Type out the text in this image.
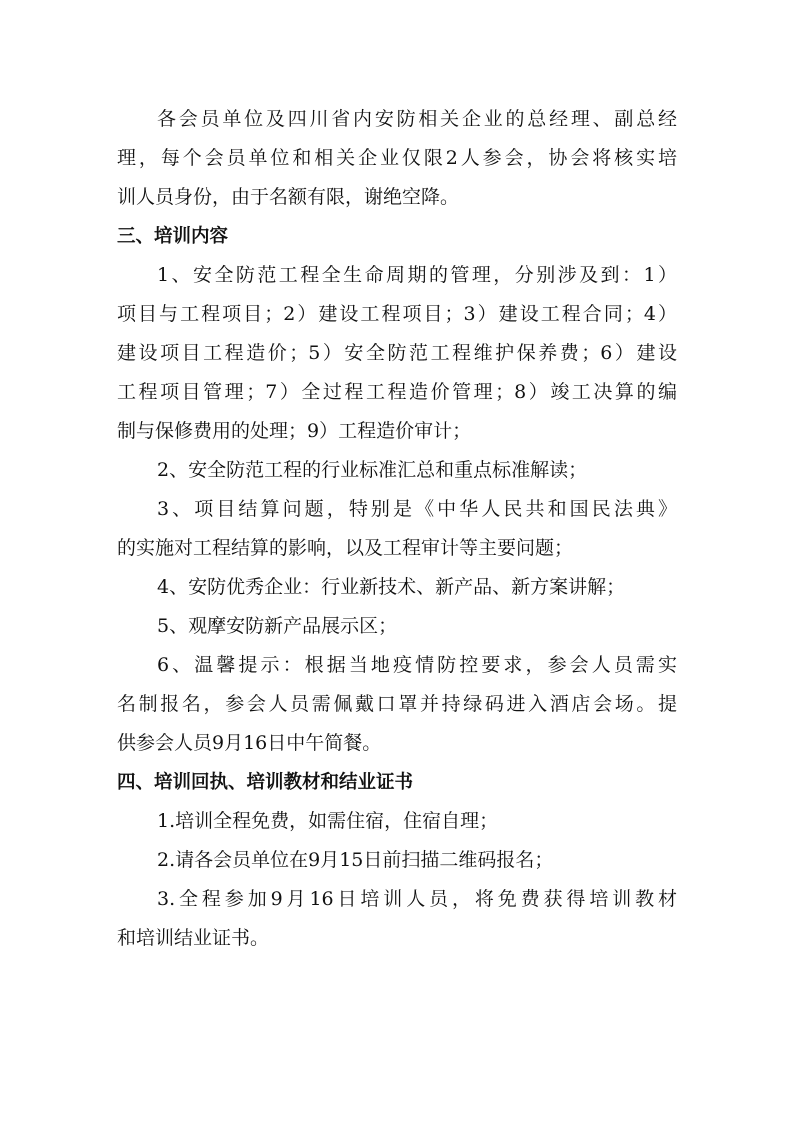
各会员单位及四川省内安防相关企业的总经理、副总经
理，每个会员单位和相关企业仅限2人参会，协会将核实培
训人员身份，由于名额有限，谢绝空降。
三、培训内容
1、安全防范工程全生命周期的管理，分别涉及到：1）
项目与工程项目；2）建设工程项目；3）建设工程合同；4）
建设项目工程造价；5）安全防范工程维护保养费；6）建设
工程项目管理；7）全过程工程造价管理；8）竣工决算的编
制与保修费用的处理；9）工程造价审计；
2、安全防范工程的行业标准汇总和重点标准解读；
3、项目结算问题，特别是《中华人民共和国民法典》
的实施对工程结算的影响，以及工程审计等主要问题；
4、安防优秀企业：行业新技术、新产品、新方案讲解；
5、观摩安防新产品展示区；
6、温馨提示：根据当地疫情防控要求，参会人员需实
名制报名，参会人员需佩戴口罩并持绿码进入酒店会场。提
供参会人员9月16日中午简餐。
四、培训回执、培训教材和结业证书
1.培训全程免费，如需住宿，住宿自理；
2.请各会员单位在9月15日前扫描二维码报名；
3.全程参加9月16日培训人员，将免费获得培训教材
和培训结业证书。
